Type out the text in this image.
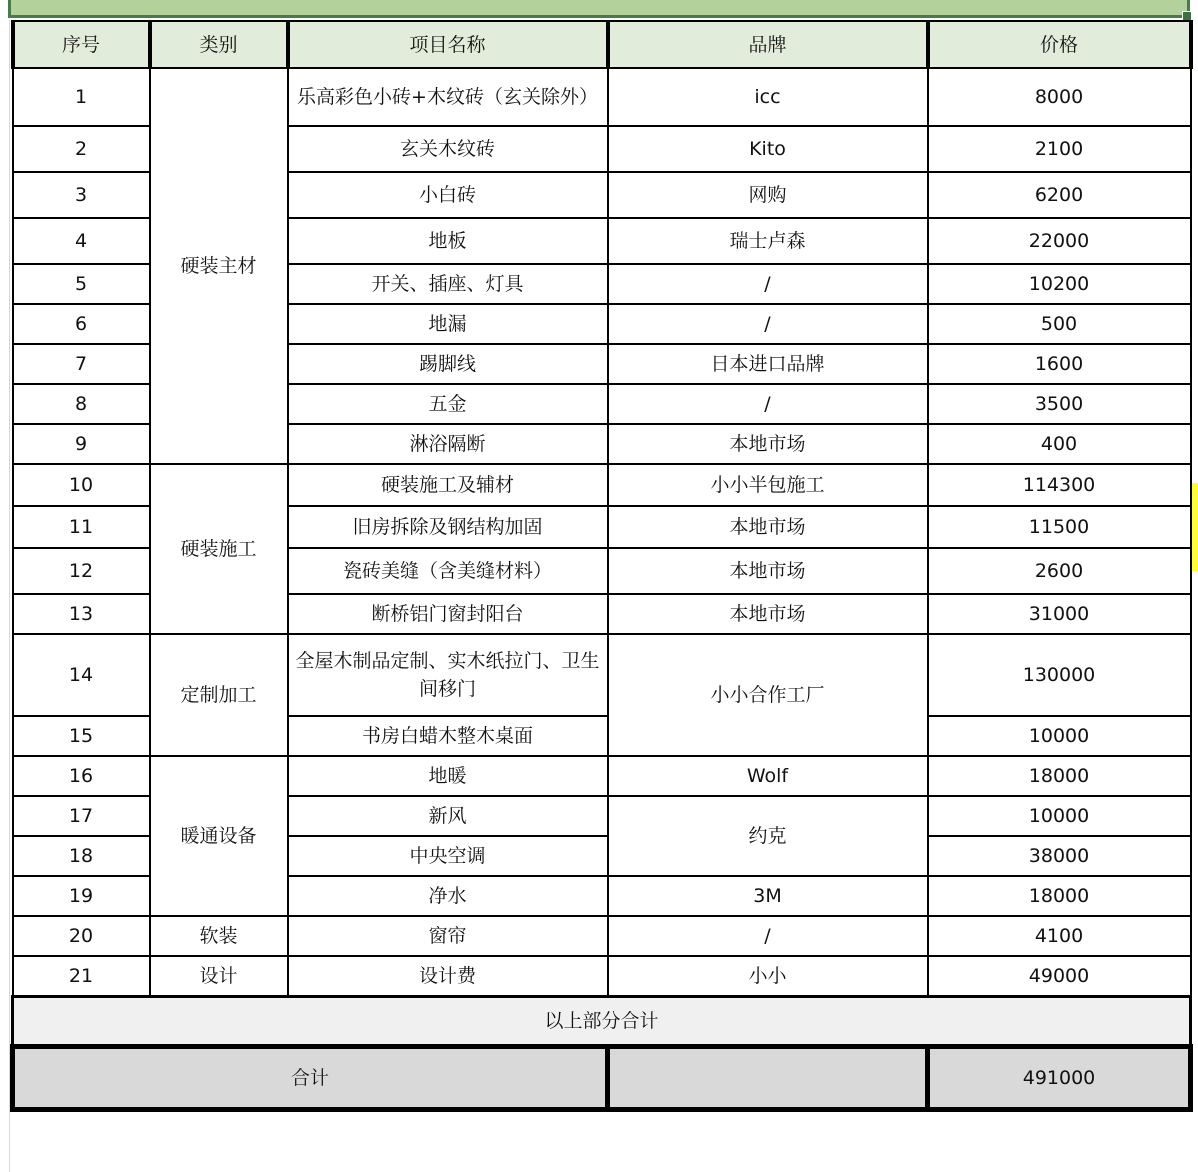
序号	类别	项目名称	品牌	价格
1	硬装主材	乐高彩色小砖+木纹砖（玄关除外）	icc	8000
2		玄关木纹砖	Kito	2100
3		小白砖	网购	6200
4		地板	瑞士卢森	22000
5		开关、插座、灯具	/	10200
6		地漏	/	500
7		踢脚线	日本进口品牌	1600
8		五金	/	3500
9		淋浴隔断	本地市场	400
10	硬装施工	硬装施工及辅材	小小半包施工	114300
11		旧房拆除及钢结构加固	本地市场	11500
12		瓷砖美缝（含美缝材料）	本地市场	2600
13		断桥铝门窗封阳台	本地市场	31000
14	定制加工	全屋木制品定制、实木纸拉门、卫生间移门	小小合作工厂	130000
15		书房白蜡木整木桌面		10000
16	暖通设备	地暖	Wolf	18000
17		新风	约克	10000
18		中央空调		38000
19		净水	3M	18000
20	软装	窗帘	/	4100
21	设计	设计费	小小	49000
以上部分合计				
合计				491000
